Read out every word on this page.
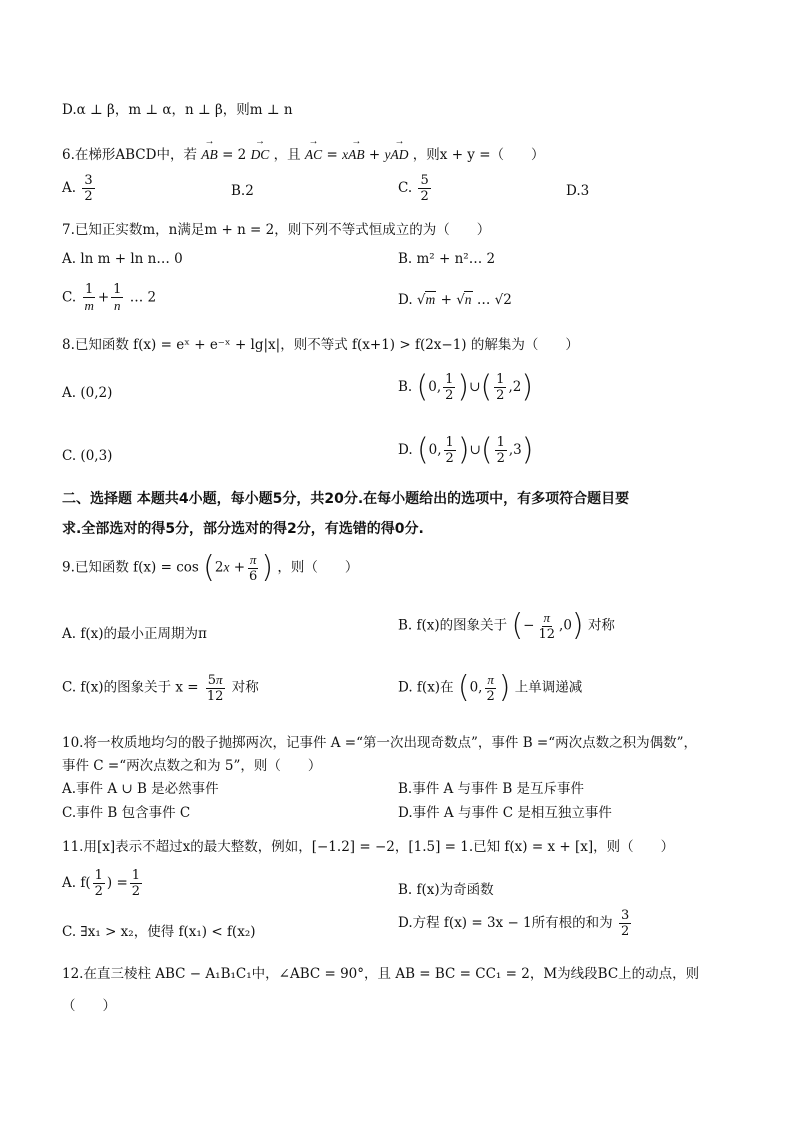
D.α ⊥ β，m ⊥ α，n ⊥ β，则m ⊥ n
6.在梯形ABCD中，若 → AB = 2 → DC ，且 → AC = x→ AB + y→ AD ，则x + y =（　　）
A. $\frac{3}{2}$	B.2	C. $\frac{5}{2}$	D.3
7.已知正实数m，n满足m + n = 2，则下列不等式恒成立的为（　　）
A. ln m + ln n… 0	B. m² + n²… 2
C. $\frac{1}{m} + \frac{1}{n}$ … 2	D. √m + √n … √2
8.已知函数 f(x) = eˣ + e⁻ˣ + lg|x|，则不等式 f(x+1) > f(2x−1) 的解集为（　　）
A. (0,2)	B. (0, $\frac{1}{2}$ )∪( $\frac{1}{2} ,2$)
C. (0,3)	D. (0, $\frac{1}{2}$ )∪( $\frac{1}{2} ,3$)
二、选择题 本题共4小题，每小题5分，共20分.在每小题给出的选项中，有多项符合题目要
求.全部选对的得5分，部分选对的得2分，有选错的得0分.
9.已知函数 $f(x) = \cos (2x + \frac{\pi}{6}$ ) ，则（　　）
A. f(x)的最小正周期为π
B. f(x)的图象关于 (− $\frac{\pi}{12} ,0$) 对称
C. f(x)的图象关于 $x = \frac{5\pi}{12}$ 对称	D. f(x)在 (0, $\frac{\pi}{2}$ ) 上单调递减
10.将一枚质地均匀的骰子抛掷两次，记事件 A =“第一次出现奇数点”，事件 B =“两次点数之积为偶数”，
事件 C =“两次点数之和为 5”，则（　　）
A.事件 A ∪ B 是必然事件	B.事件 A 与事件 B 是互斥事件
C.事件 B 包含事件 C	D.事件 A 与事件 C 是相互独立事件
11.用[x]表示不超过x的最大整数，例如，[−1.2] = −2，[1.5] = 1.已知 f(x) = x + [x]，则（　　）
A. $f( \frac{1}{2}$ ) = $\frac{1}{2}$	B. f(x)为奇函数
C. ∃x₁ > x₂，使得 f(x₁) < f(x₂)
D.方程 f(x) = 3x − 1所有根的和为 $\frac{3}{2}$
12.在直三棱柱 ABC − A₁B₁C₁中，∠ABC = 90°，且 AB = BC = CC₁ = 2，M为线段BC上的动点，则
（　　）
